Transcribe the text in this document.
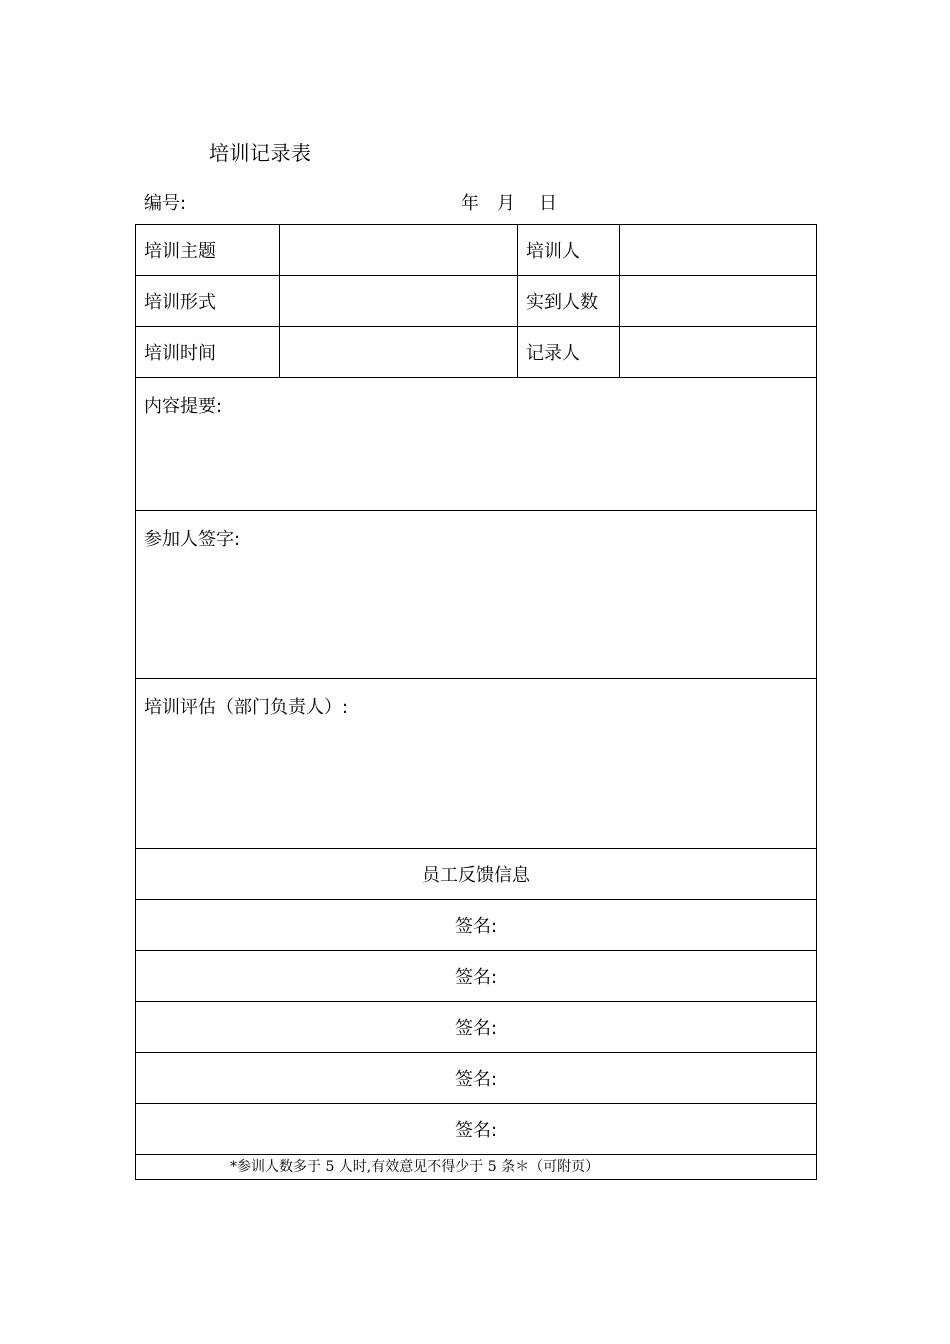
培训记录表
编号:	年	月	日
培训主题		培训人	
培训形式		实到人数	
培训时间		记录人	
内容提要:			
参加人签字:			
培训评估（部门负责人）:			
员工反馈信息			
签名:			
签名:			
签名:			
签名:			
签名:			
*参训人数多于 5 人时,有效意见不得少于 5 条＊（可附页）			
